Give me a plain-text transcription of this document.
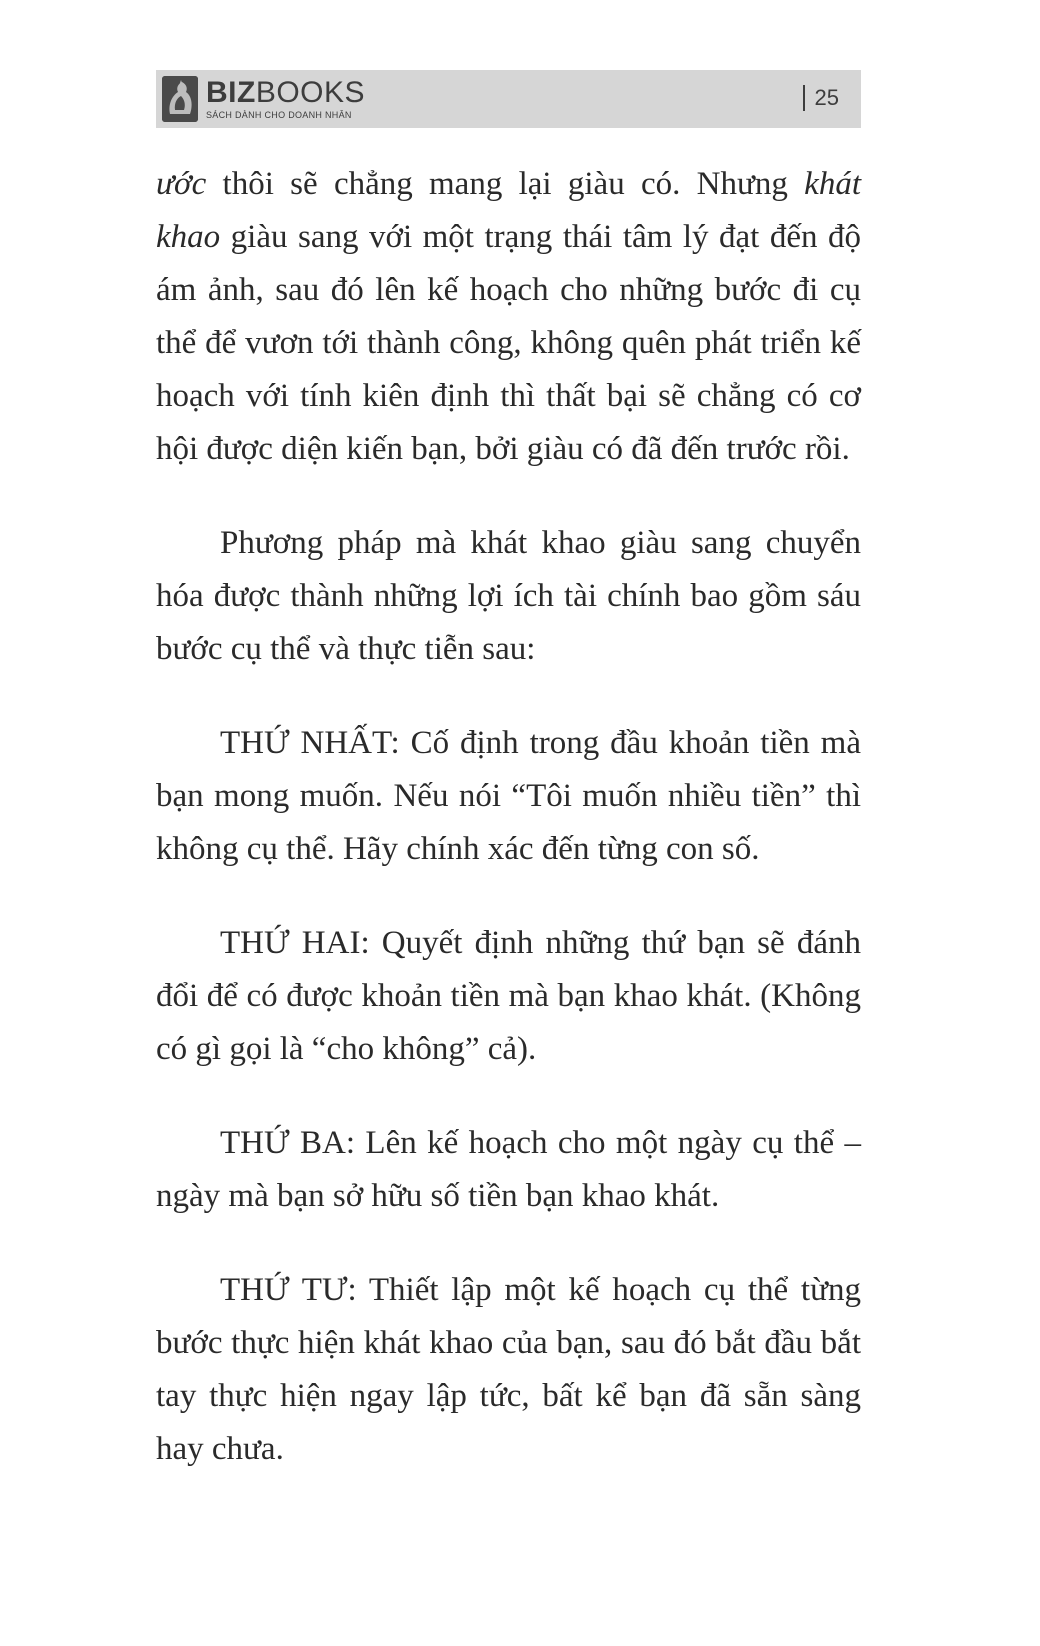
BIZ BOOKS
SÁCH DÀNH CHO DOANH NHÂN
25

ước thôi sẽ chẳng mang lại giàu có. Nhưng khát khao giàu sang với một trạng thái tâm lý đạt đến độ ám ảnh, sau đó lên kế hoạch cho những bước đi cụ thể để vươn tới thành công, không quên phát triển kế hoạch với tính kiên định thì thất bại sẽ chẳng có cơ hội được diện kiến bạn, bởi giàu có đã đến trước rồi.

Phương pháp mà khát khao giàu sang chuyển hóa được thành những lợi ích tài chính bao gồm sáu bước cụ thể và thực tiễn sau:

THỨ NHẤT: Cố định trong đầu khoản tiền mà bạn mong muốn. Nếu nói “Tôi muốn nhiều tiền” thì không cụ thể. Hãy chính xác đến từng con số.

THỨ HAI: Quyết định những thứ bạn sẽ đánh đổi để có được khoản tiền mà bạn khao khát. (Không có gì gọi là “cho không” cả).

THỨ BA: Lên kế hoạch cho một ngày cụ thể – ngày mà bạn sở hữu số tiền bạn khao khát.

THỨ TƯ: Thiết lập một kế hoạch cụ thể từng bước thực hiện khát khao của bạn, sau đó bắt đầu bắt tay thực hiện ngay lập tức, bất kể bạn đã sẵn sàng hay chưa.
